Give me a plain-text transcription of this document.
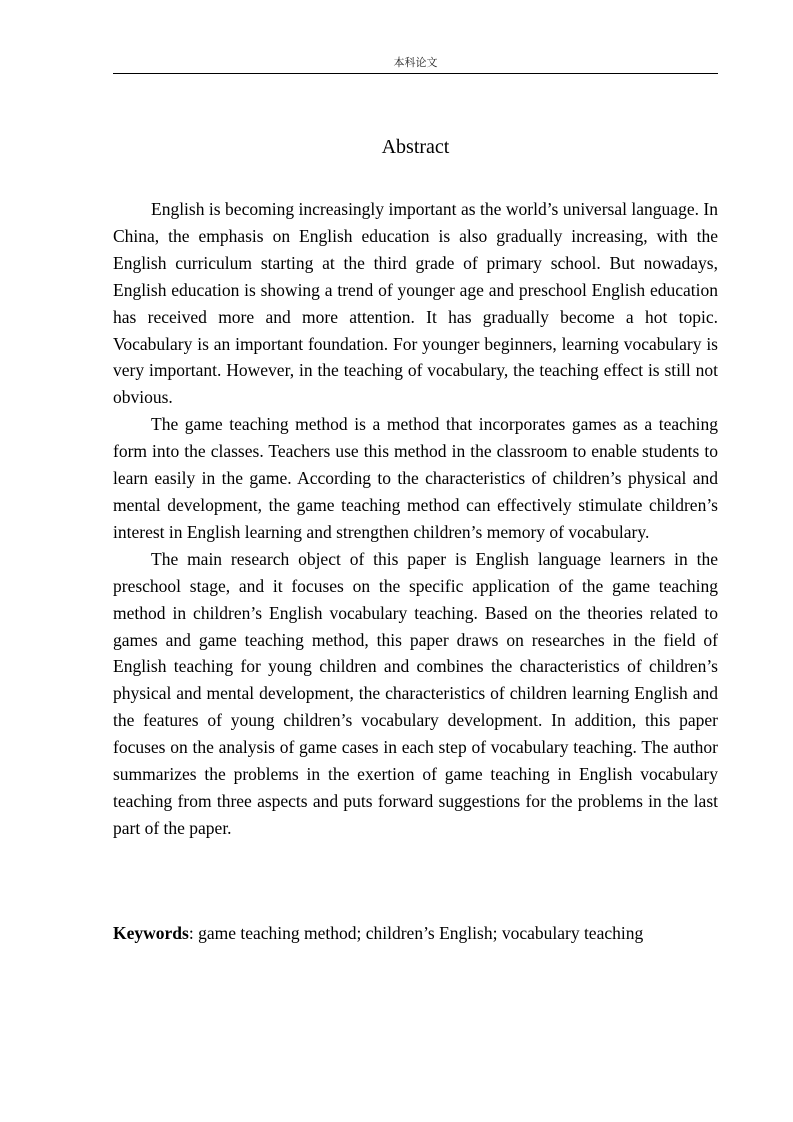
本科论文
Abstract

English is becoming increasingly important as the world’s universal language. In China, the emphasis on English education is also gradually increasing, with the English curriculum starting at the third grade of primary school. But nowadays, English education is showing a trend of younger age and preschool English education has received more and more attention. It has gradually become a hot topic. Vocabulary is an important foundation. For younger beginners, learning vocabulary is very important. However, in the teaching of vocabulary, the teaching effect is still not obvious.

The game teaching method is a method that incorporates games as a teaching form into the classes. Teachers use this method in the classroom to enable students to learn easily in the game. According to the characteristics of children’s physical and mental development, the game teaching method can effectively stimulate children’s interest in English learning and strengthen children’s memory of vocabulary.

The main research object of this paper is English language learners in the preschool stage, and it focuses on the specific application of the game teaching method in children’s English vocabulary teaching. Based on the theories related to games and game teaching method, this paper draws on researches in the field of English teaching for young children and combines the characteristics of children’s physical and mental development, the characteristics of children learning English and the features of young children’s vocabulary development. In addition, this paper focuses on the analysis of game cases in each step of vocabulary teaching. The author summarizes the problems in the exertion of game teaching in English vocabulary teaching from three aspects and puts forward suggestions for the problems in the last part of the paper.

Keywords: game teaching method; children’s English; vocabulary teaching
